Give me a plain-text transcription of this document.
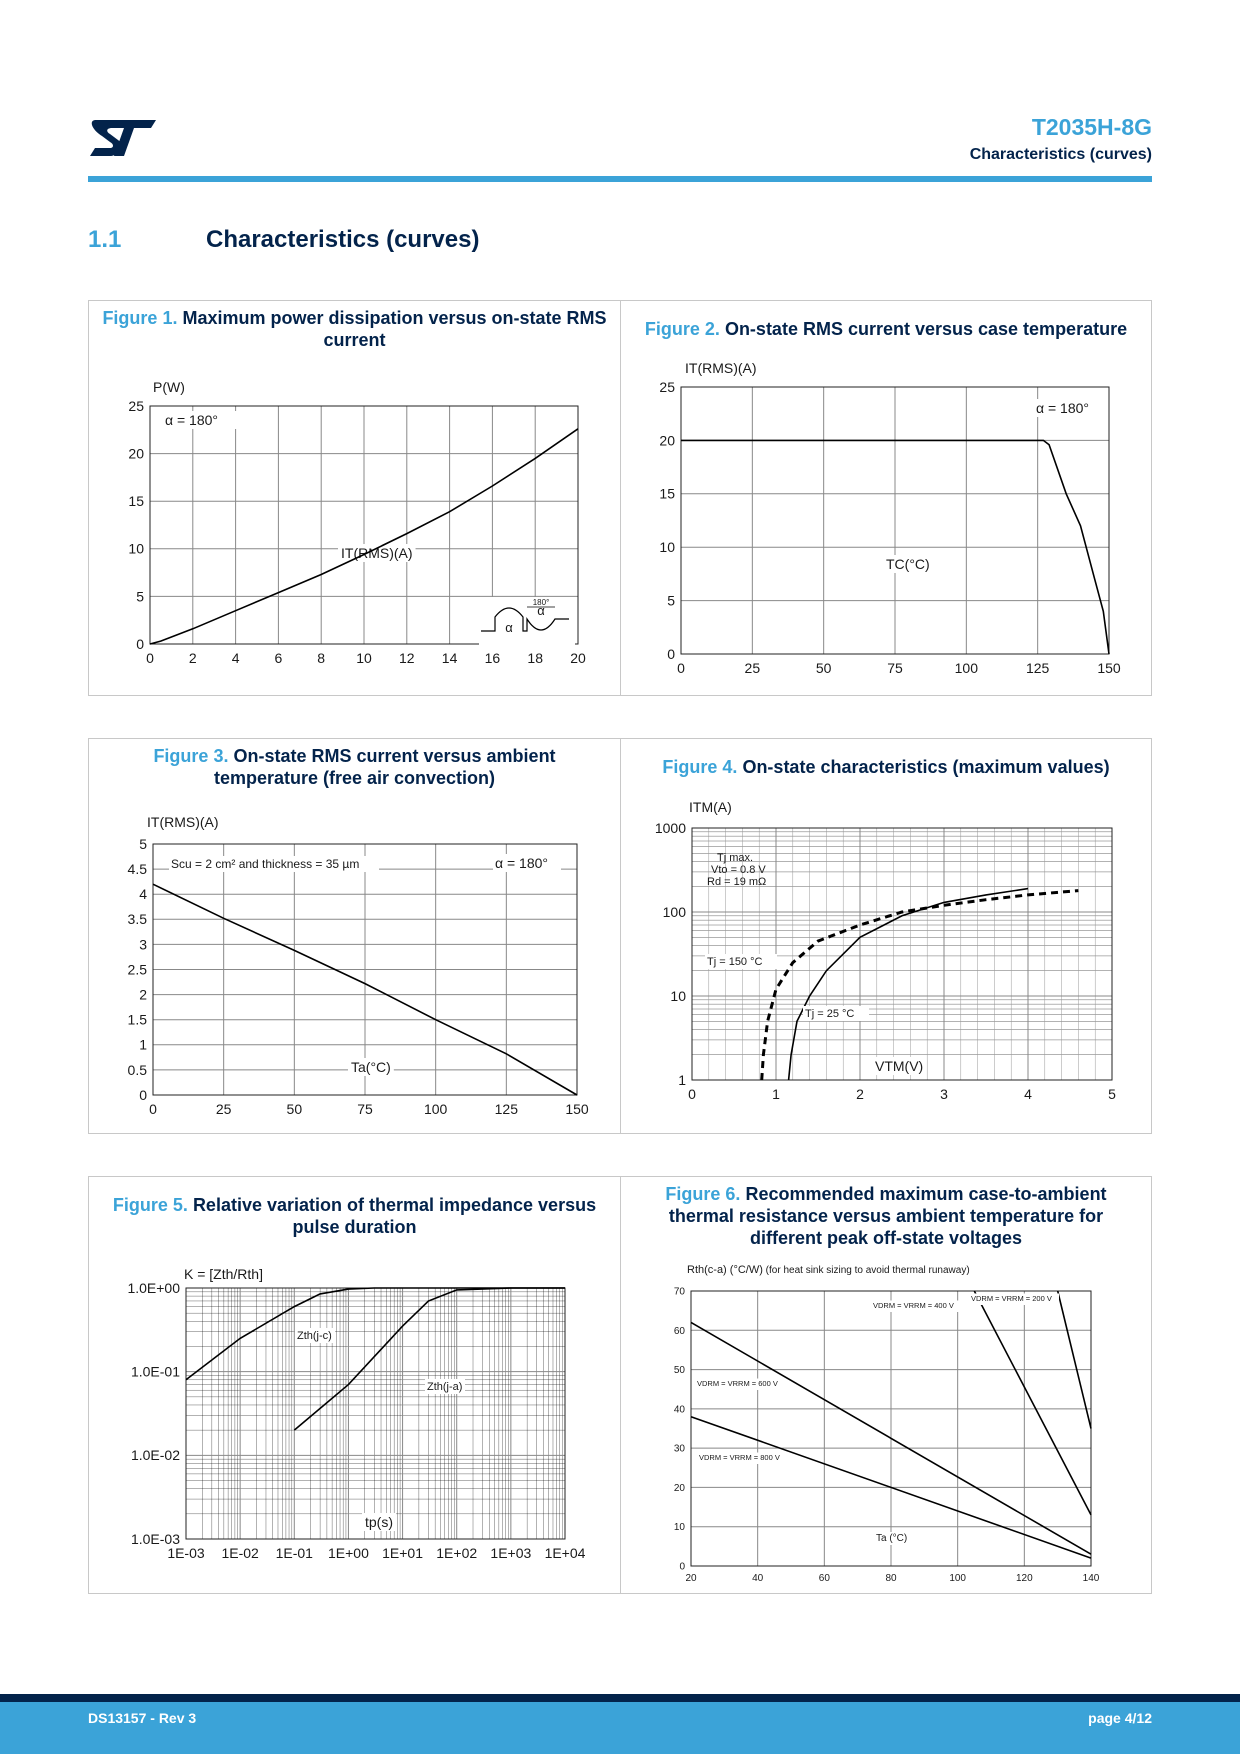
T2035H-8G
Characteristics (curves)
1.1	Characteristics (curves)
Figure 1. Maximum power dissipation versus on-state RMS current
0	2	4	6	8 10 12 14 16 18 20
0
5
10
15
20
25
P(W)
IT(RMS)(A)
α = 180°
180°
α
α
Figure 2. On-state RMS current versus case temperature
0	25	50	75	100	125	150
0
5
10
15
20
25
IT(RMS)(A)
TC(°C)
α = 180°
Figure 3. On-state RMS current versus ambient temperature (free air convection)
0	25	50	75	100	125	150
0
0.5
1
1.5
2
2.5
3
3.5
4
4.5
5
IT(RMS)(A)
Ta(°C)
Scu = 2 cm² and thickness = 35 µm	α = 180°
Figure 4. On-state characteristics (maximum values)
0	1	2	3	4	5
1
10
100
1000
ITM(A)
VTM(V)
Tj max.
Vto = 0.8 V
Rd = 19 mΩ
Tj = 150 °C
Tj = 25 °C
Figure 5. Relative variation of thermal impedance versus pulse duration
1E-03 1E-02 1E-01 1E+00 1E+01 1E+02 1E+03 1E+04
1.0E-03
1.0E-02
1.0E-01
1.0E+00
K = [Zth/Rth]
tp(s)
Zth(j-c)
Zth(j-a)
Figure 6. Recommended maximum case-to-ambient thermal resistance versus ambient temperature for different peak off-state voltages
20	40	60	80	100	120	140
0
10
20
30
40
50
60
70
Rth(c-a) (°C/W) (for heat sink sizing to avoid thermal runaway)
Ta (°C)
VDRM = VRRM = 200 V
VDRM = VRRM = 400 V
VDRM = VRRM = 600 V
VDRM = VRRM = 800 V
DS13157 - Rev 3	page 4/12
